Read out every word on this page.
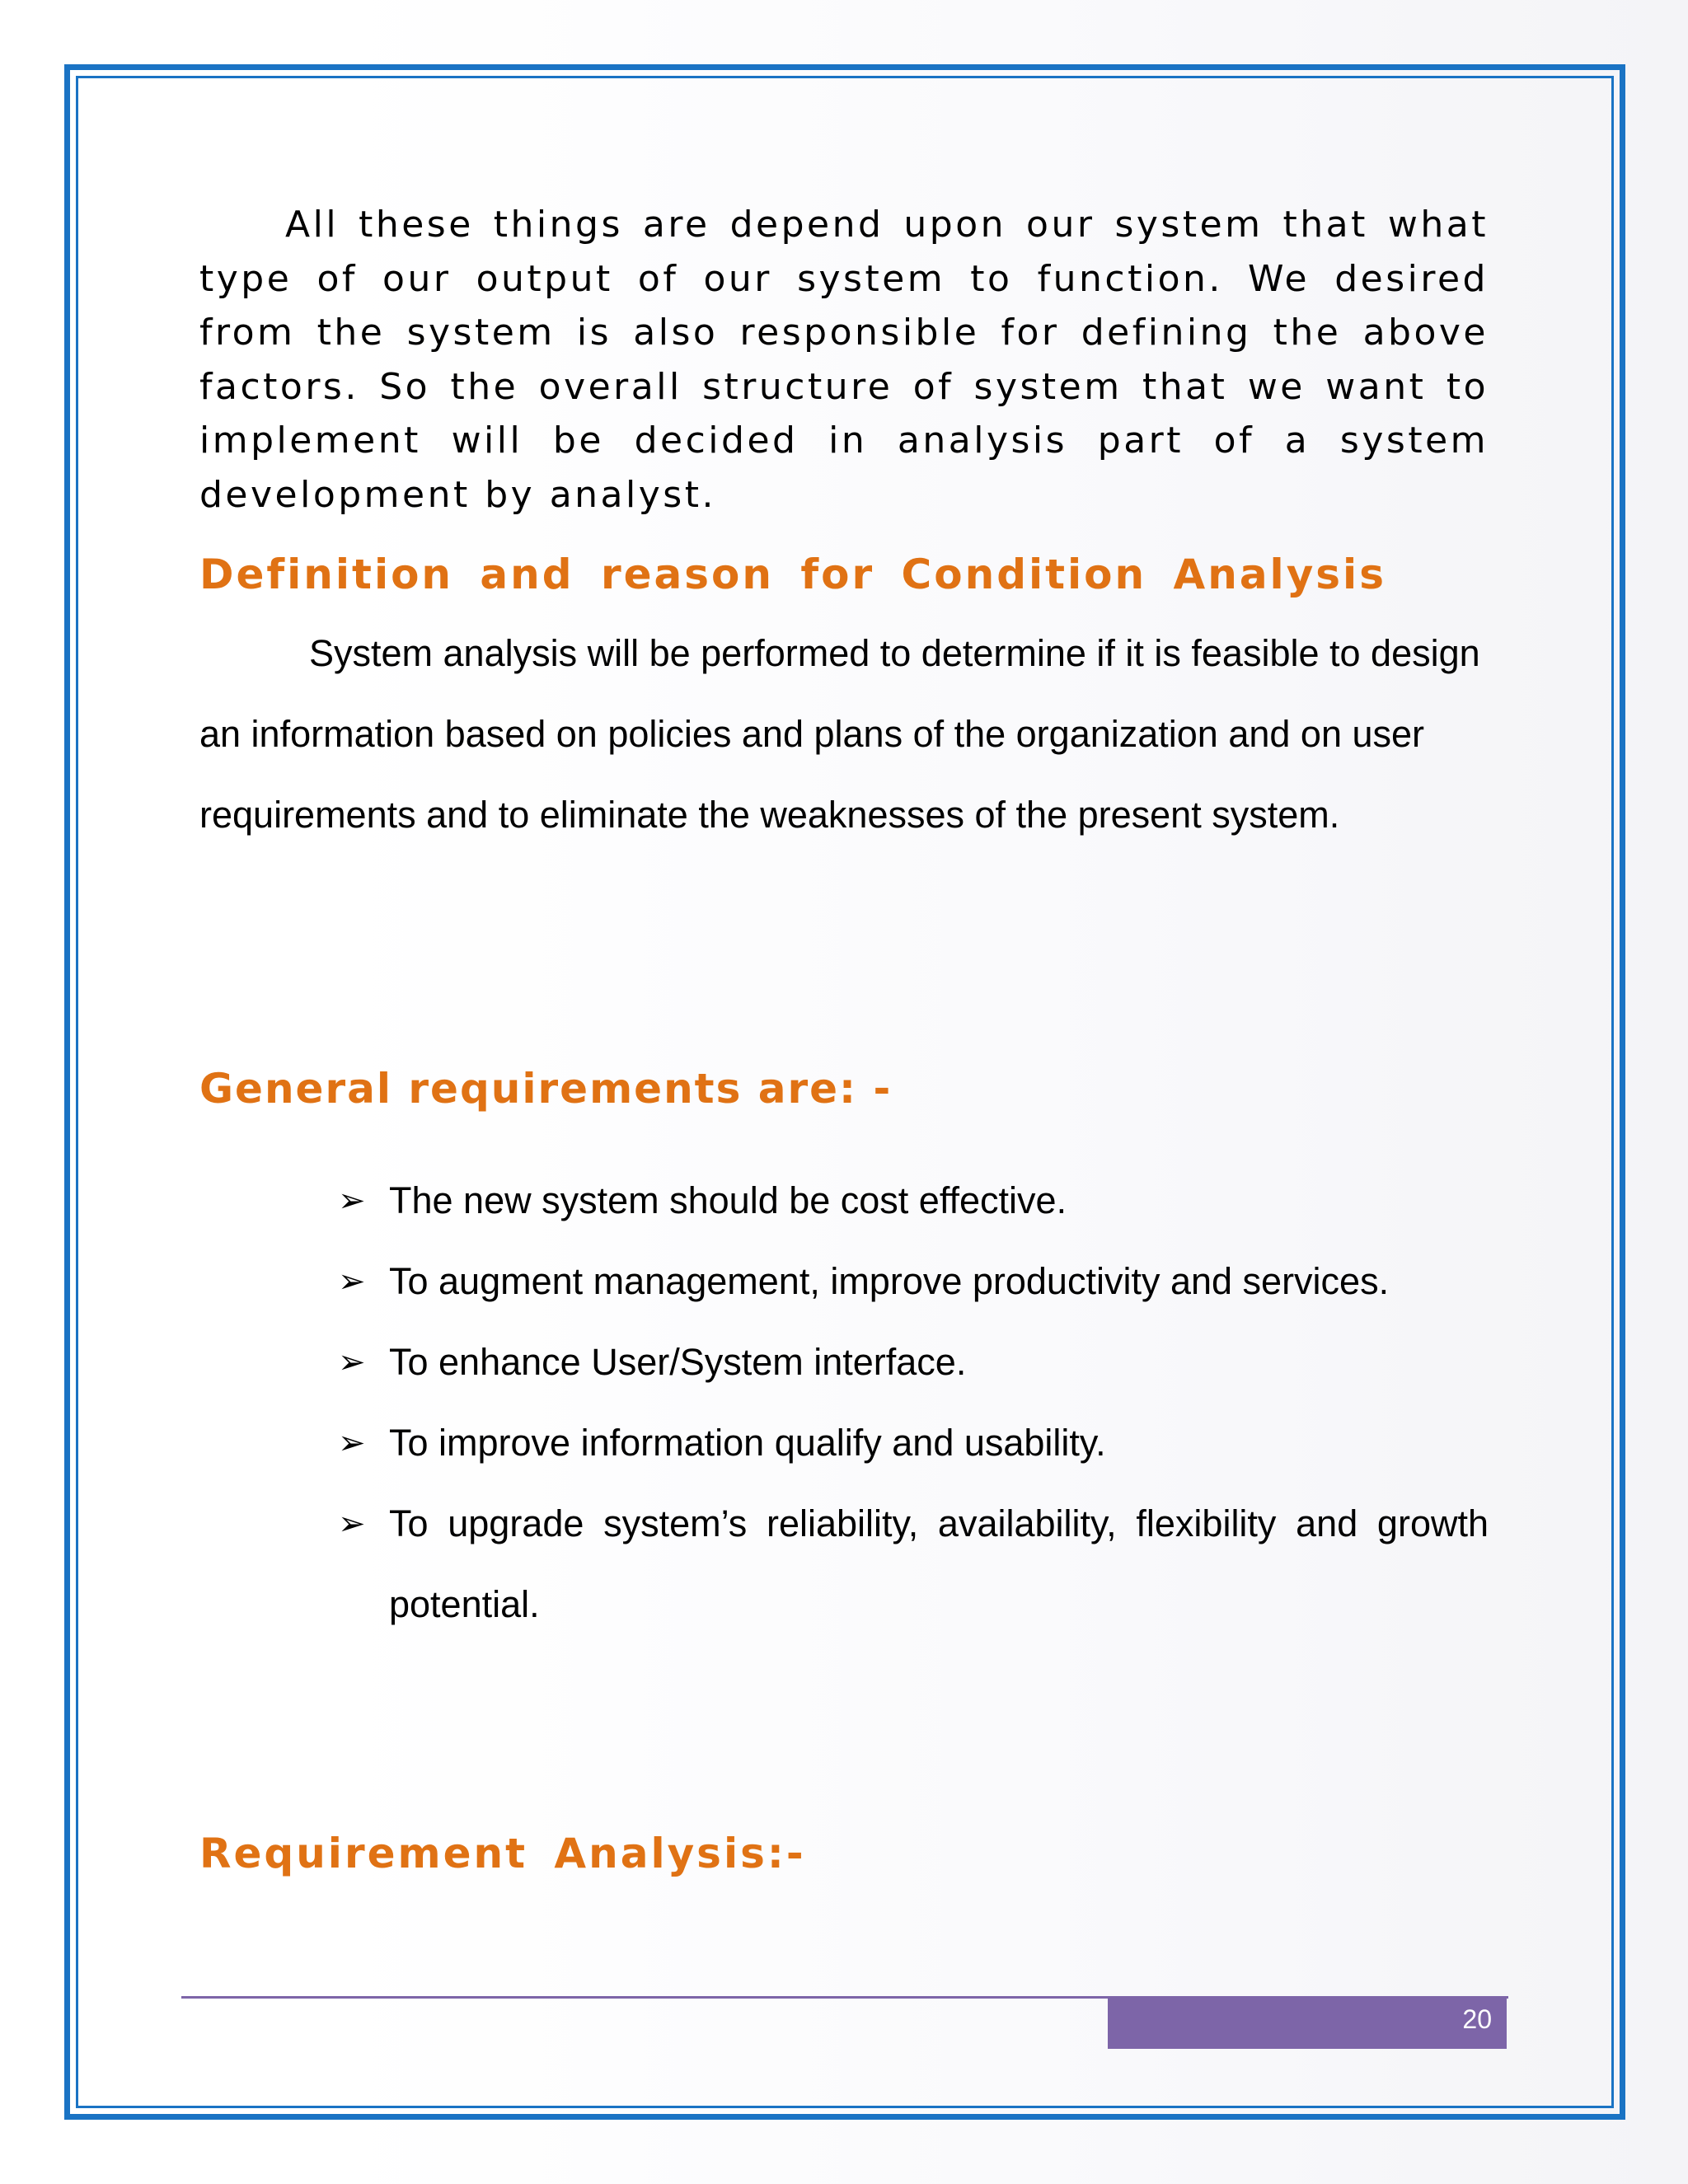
All these things are depend upon our system that what type of our output of our system to function. We desired from the system is also responsible for defining the above factors. So the overall structure of system that we want to implement will be decided in analysis part of a system development by analyst.

Definition and reason for Condition Analysis

System analysis will be performed to determine if it is feasible to design an information based on policies and plans of the organization and on user requirements and to eliminate the weaknesses of the present system.

General requirements are: -
➢ The new system should be cost effective.
➢ To augment management, improve productivity and services.
➢ To enhance User/System interface.
➢ To improve information qualify and usability.
➢ To upgrade system’s reliability, availability, flexibility and growth potential.
Requirement Analysis:-
20
